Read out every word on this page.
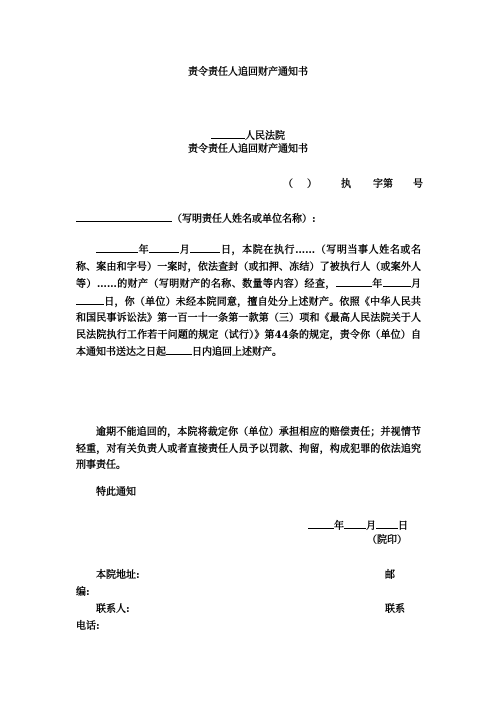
责令责任人追回财产通知书
人民法院
责令责任人追回财产通知书
（ ） 执 字第 号
（写明责任人姓名或单位名称）:

年	月	日，本院在执行……（写明当事人姓名或名称、案由和字号）一案时，依法查封（或扣押、冻结）了被执行人（或案外人等）……的财产（写明财产的名称、数量等内容）经查，	年	月日，你（单位）未经本院同意，擅自处分上述财产。依照《中华人民共和国民事诉讼法》第一百一十一条第一款第（三）项和《最高人民法院关于人民法院执行工作若干问题的规定（试行）》第44条的规定，责令你（单位）自本通知书送达之日起	日内追回上述财产。

逾期不能追回的，本院将裁定你（单位）承担相应的赔偿责任；并视情节轻重，对有关负责人或者直接责任人员予以罚款、拘留，构成犯罪的依法追究刑事责任。

特此通知
年 月 日
（院印）
本院地址:	邮
编:
联系人:	联系
电话:
